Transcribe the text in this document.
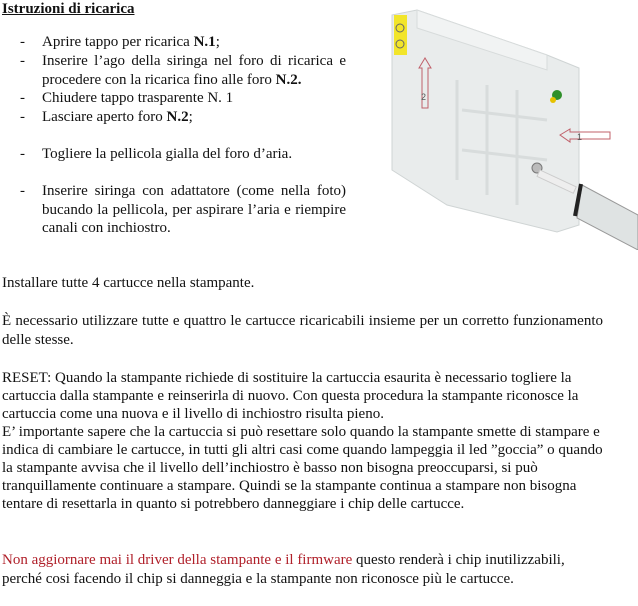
Istruzioni di ricarica
- Aprire tappo per ricarica N.1;
- Inserire l’ago della siringa nel foro di ricarica e procedere con la ricarica fino alle foro N.2.
- Chiudere tappo trasparente N. 1
- Lasciare aperto foro N.2;
- Togliere la pellicola gialla del foro d’aria.
- Inserire siringa con adattatore (come nella foto) bucando la pellicola, per aspirare l’aria e riempire canali con inchiostro.
2
1
Installare tutte 4 cartucce nella stampante.
È necessario utilizzare tutte e quattro le cartucce ricaricabili insieme per un corretto funzionamento delle stesse.
RESET: Quando la stampante richiede di sostituire la cartuccia esaurita è necessario togliere la cartuccia dalla stampante e reinserirla di nuovo. Con questa procedura la stampante riconosce la cartuccia come una nuova e il livello di inchiostro risulta pieno.
E’ importante sapere che la cartuccia si può resettare solo quando la stampante smette di stampare e indica di cambiare le cartucce, in tutti gli altri casi come quando lampeggia il led ”goccia” o quando la stampante avvisa che il livello dell’inchiostro è basso non bisogna preoccuparsi, si può tranquillamente continuare a stampare. Quindi se la stampante continua a stampare non bisogna tentare di resettarla in quanto si potrebbero danneggiare i chip delle cartucce.
Non aggiornare mai il driver della stampante e il firmware questo renderà i chip inutilizzabili, perché cosi facendo il chip si danneggia e la stampante non riconosce più le cartucce.
